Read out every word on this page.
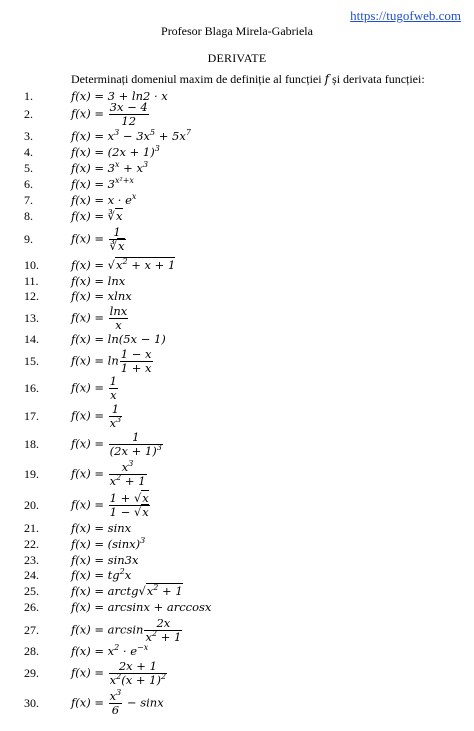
https://tugofweb.com
Profesor Blaga Mirela-Gabriela
DERIVATE
Determinați domeniul maxim de definiție al funcției f și derivata funcției:
1.	f(x) = 3 + ln2 · x
2.	$f(x) = \frac{3x - 4}{12}$
3.	$f(x) = x^3 - 3x^5 + 5x^7$
4.	$f(x) = (2x + 1)^3$
5.	$f(x) = 3^x + x^3$
6.	$f(x) = 3^{x^2+x}$
7.	$f(x) = x \cdot e^x$
8.	f(x) = ∛x
9.	$f(x) = \frac{1}{∛x}$
10.	$f(x) = √x^2 + x + 1$
11.	f(x) = lnx
12.	f(x) = xlnx
13.	$f(x) = \frac{\ln x}{x}$
14.	f(x) = ln(5x − 1)
15.	$f(x) = \ln \frac{1 - x}{1 + x}$
16.	$f(x) = \frac{1}{x}$
17.	$f(x) = \frac{1}{x^3}$
18.	$f(x) = \frac{1}{(2x + 1)^3}$
19.	$f(x) = \frac{x^3}{x^2 + 1}$
20.	$f(x) = \frac{1 + √x}{1 - √x}$
21.	f(x) = sinx
22.	$f(x) = (\sin x)^3$
23.	f(x) = sin3x
24.	$f(x) = tg^2x$
25.	$f(x) = arctg√x^2 + 1$
26.	f(x) = arcsinx + arccosx
27.	$f(x) = \arcsin \frac{2x}{x^2 + 1}$
28.	$f(x) = x^2 \cdot e^{-x}$
29.	$f(x) = \frac{2x + 1}{x^2(x + 1)^2}$
30.	$f(x) = \frac{x^3}{6} - \sin x$
